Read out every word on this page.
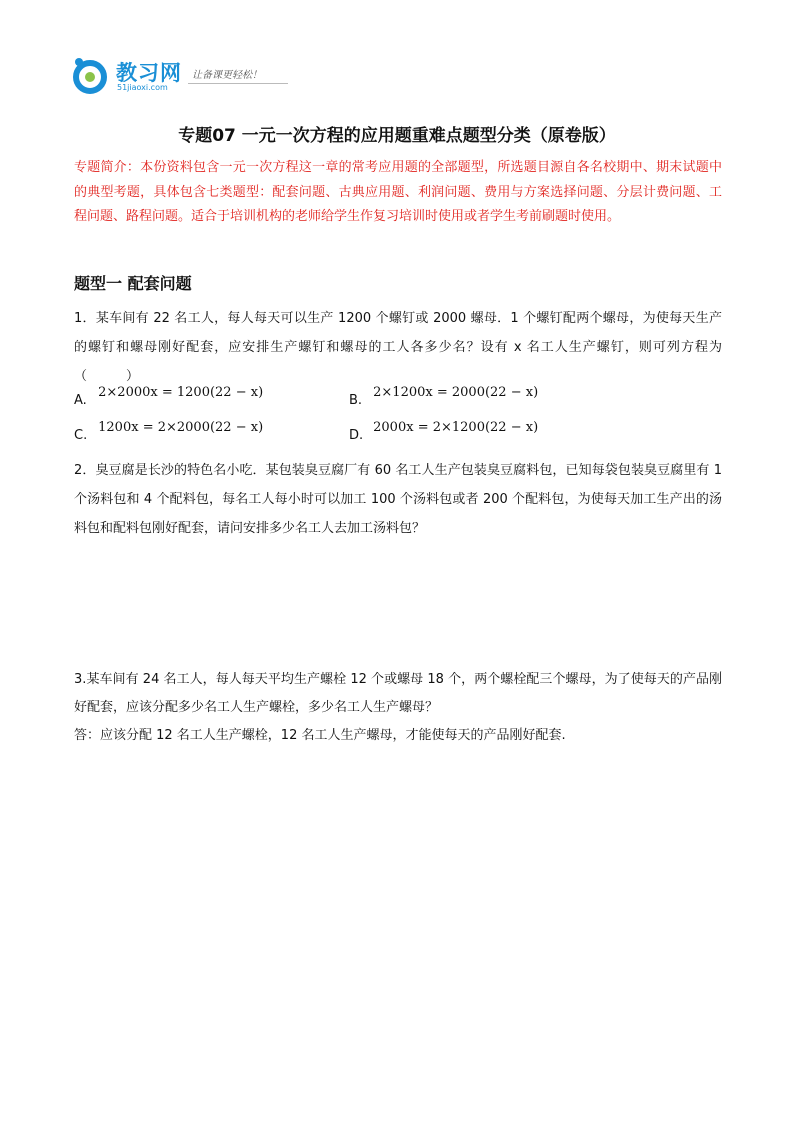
教习网
51jiaoxi.com
让备课更轻松！
专题07 一元一次方程的应用题重难点题型分类（原卷版）
专题简介：本份资料包含一元一次方程这一章的常考应用题的全部题型，所选题目源自各名校期中、期末试题中的典型考题，具体包含七类题型：配套问题、古典应用题、利润问题、费用与方案选择问题、分层计费问题、工程问题、路程问题。适合于培训机构的老师给学生作复习培训时使用或者学生考前刷题时使用。
题型一 配套问题
1．某车间有 22 名工人，每人每天可以生产 1200 个螺钉或 2000 螺母．1 个螺钉配两个螺母，为使每天生产的螺钉和螺母刚好配套，应安排生产螺钉和螺母的工人各多少名？设有 x 名工人生产螺钉，则可列方程为（　　　）
A. 2×2000x = 1200(22 − x)
B. 2×1200x = 2000(22 − x)
C. 1200x = 2×2000(22 − x)
D. 2000x = 2×1200(22 − x)
2．臭豆腐是长沙的特色名小吃．某包装臭豆腐厂有 60 名工人生产包装臭豆腐料包，已知每袋包装臭豆腐里有 1 个汤料包和 4 个配料包，每名工人每小时可以加工 100 个汤料包或者 200 个配料包，为使每天加工生产出的汤料包和配料包刚好配套，请问安排多少名工人去加工汤料包？
3.某车间有 24 名工人，每人每天平均生产螺栓 12 个或螺母 18 个，两个螺栓配三个螺母，为了使每天的产品刚好配套，应该分配多少名工人生产螺栓，多少名工人生产螺母？
答：应该分配 12 名工人生产螺栓，12 名工人生产螺母，才能使每天的产品刚好配套.
